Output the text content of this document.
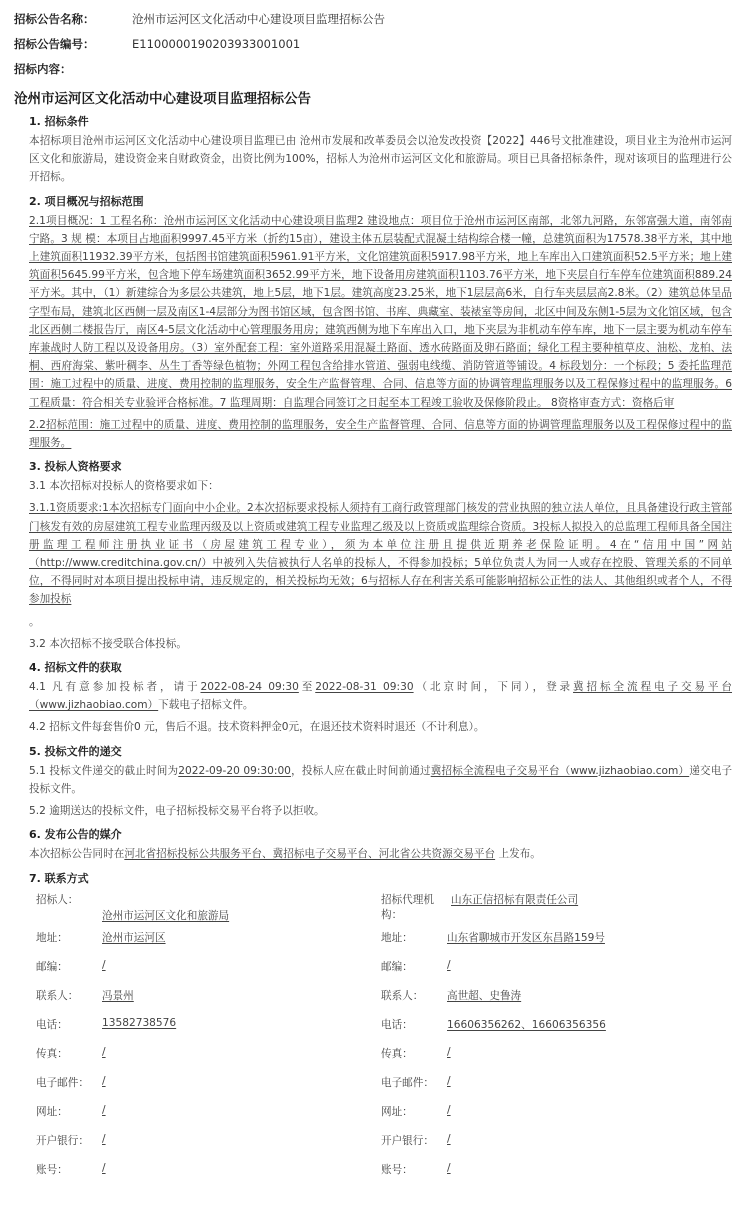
招标公告名称：	沧州市运河区文化活动中心建设项目监理招标公告
招标公告编号：	E1100000190203933001001
招标内容：
沧州市运河区文化活动中心建设项目监理招标公告
1. 招标条件

本招标项目沧州市运河区文化活动中心建设项目监理已由 沧州市发展和改革委员会以沧发改投资【2022】446号文批准建设，项目业主为沧州市运河区文化和旅游局，建设资金来自财政资金，出资比例为100%，招标人为沧州市运河区文化和旅游局。项目已具备招标条件，现对该项目的监理进行公开招标。

2. 项目概况与招标范围

2.1项目概况：1 工程名称：沧州市运河区文化活动中心建设项目监理2 建设地点：项目位于沧州市运河区南部，北邻九河路，东邻富强大道，南邻南宁路。3 规 模：本项目占地面积9997.45平方米（折约15亩），建设主体五层装配式混凝土结构综合楼一幢，总建筑面积为17578.38平方米，其中地上建筑面积11932.39平方米，包括图书馆建筑面积5961.91平方米，文化馆建筑面积5917.98平方米，地上车库出入口建筑面积52.5平方米；地上建筑面积5645.99平方米，包含地下停车场建筑面积3652.99平方米，地下设备用房建筑面积1103.76平方米，地下夹层自行车停车位建筑面积889.24平方米。其中，（1）新建综合为多层公共建筑，地上5层，地下1层。建筑高度23.25米，地下1层层高6米，自行车夹层层高2.8米。（2）建筑总体呈品字型布局，建筑北区西侧一层及南区1-4层部分为图书馆区域，包含图书馆、书库、典藏室、装裱室等房间，北区中间及东侧1-5层为文化馆区域，包含北区西侧二楼报告厅，南区4-5层文化活动中心管理服务用房；建筑西侧为地下车库出入口，地下夹层为非机动车停车库，地下一层主要为机动车停车库兼战时人防工程以及设备用房。（3）室外配套工程：室外道路采用混凝土路面、透水砖路面及卵石路面；绿化工程主要种植草皮、油松、龙柏、法桐、西府海棠、紫叶稠李、丛生丁香等绿色植物；外网工程包含给排水管道、强弱电线缆、消防管道等铺设。4 标段划分：一个标段；5 委托监理范围：施工过程中的质量、进度、费用控制的监理服务，安全生产监督管理、合同、信息等方面的协调管理监理服务以及工程保修过程中的监理服务。6 工程质量：符合相关专业验评合格标准。7 监理周期：自监理合同签订之日起至本工程竣工验收及保修阶段止。 8资格审查方式：资格后审

2.2招标范围：施工过程中的质量、进度、费用控制的监理服务，安全生产监督管理、合同、信息等方面的协调管理监理服务以及工程保修过程中的监理服务。

3. 投标人资格要求

3.1 本次招标对投标人的资格要求如下：

3.1.1资质要求:1本次招标专门面向中小企业。2本次招标要求投标人须持有工商行政管理部门核发的营业执照的独立法人单位，且具备建设行政主管部门核发有效的房屋建筑工程专业监理丙级及以上资质或建筑工程专业监理乙级及以上资质或监理综合资质。3投标人拟投入的总监理工程师具备全国注册监理工程师注册执业证书（房屋建筑工程专业），须为本单位注册且提供近期养老保险证明。4在“信用中国”网站（http://www.creditchina.gov.cn/）中被列入失信被执行人名单的投标人，不得参加投标；5单位负责人为同一人或存在控股、管理关系的不同单位，不得同时对本项目提出投标申请，违反规定的，相关投标均无效；6与招标人存在利害关系可能影响招标公正性的法人、其他组织或者个人，不得参加投标

。

3.2 本次招标不接受联合体投标。

4. 招标文件的获取

4.1 凡有意参加投标者，请于2022-08-24 09:30至2022-08-31 09:30（北京时间，下同），登录冀招标全流程电子交易平台（www.jizhaobiao.com）下载电子招标文件。

4.2 招标文件每套售价0 元，售后不退。技术资料押金0元，在退还技术资料时退还（不计利息）。

5. 投标文件的递交

5.1 投标文件递交的截止时间为2022-09-20 09:30:00，投标人应在截止时间前通过冀招标全流程电子交易平台（www.jizhaobiao.com）递交电子投标文件。

5.2 逾期送达的投标文件，电子招标投标交易平台将予以拒收。

6. 发布公告的媒介

本次招标公告同时在河北省招标投标公共服务平台、冀招标电子交易平台、河北省公共资源交易平台 上发布。

7. 联系方式
招标人：
沧州市运河区文化和旅游局
招标代理机构：
山东正信招标有限责任公司
地址：	沧州市运河区	地址：	山东省聊城市开发区东昌路159号
邮编：	/	邮编：	/
联系人：	冯景州	联系人：	高世超、史鲁涛
电话：	13582738576	电话：	16606356262、16606356356
传真：	/	传真：	/
电子邮件：	/	电子邮件：	/
网址：	/	网址：	/
开户银行：	/	开户银行：	/
账号：	/	账号：	/
